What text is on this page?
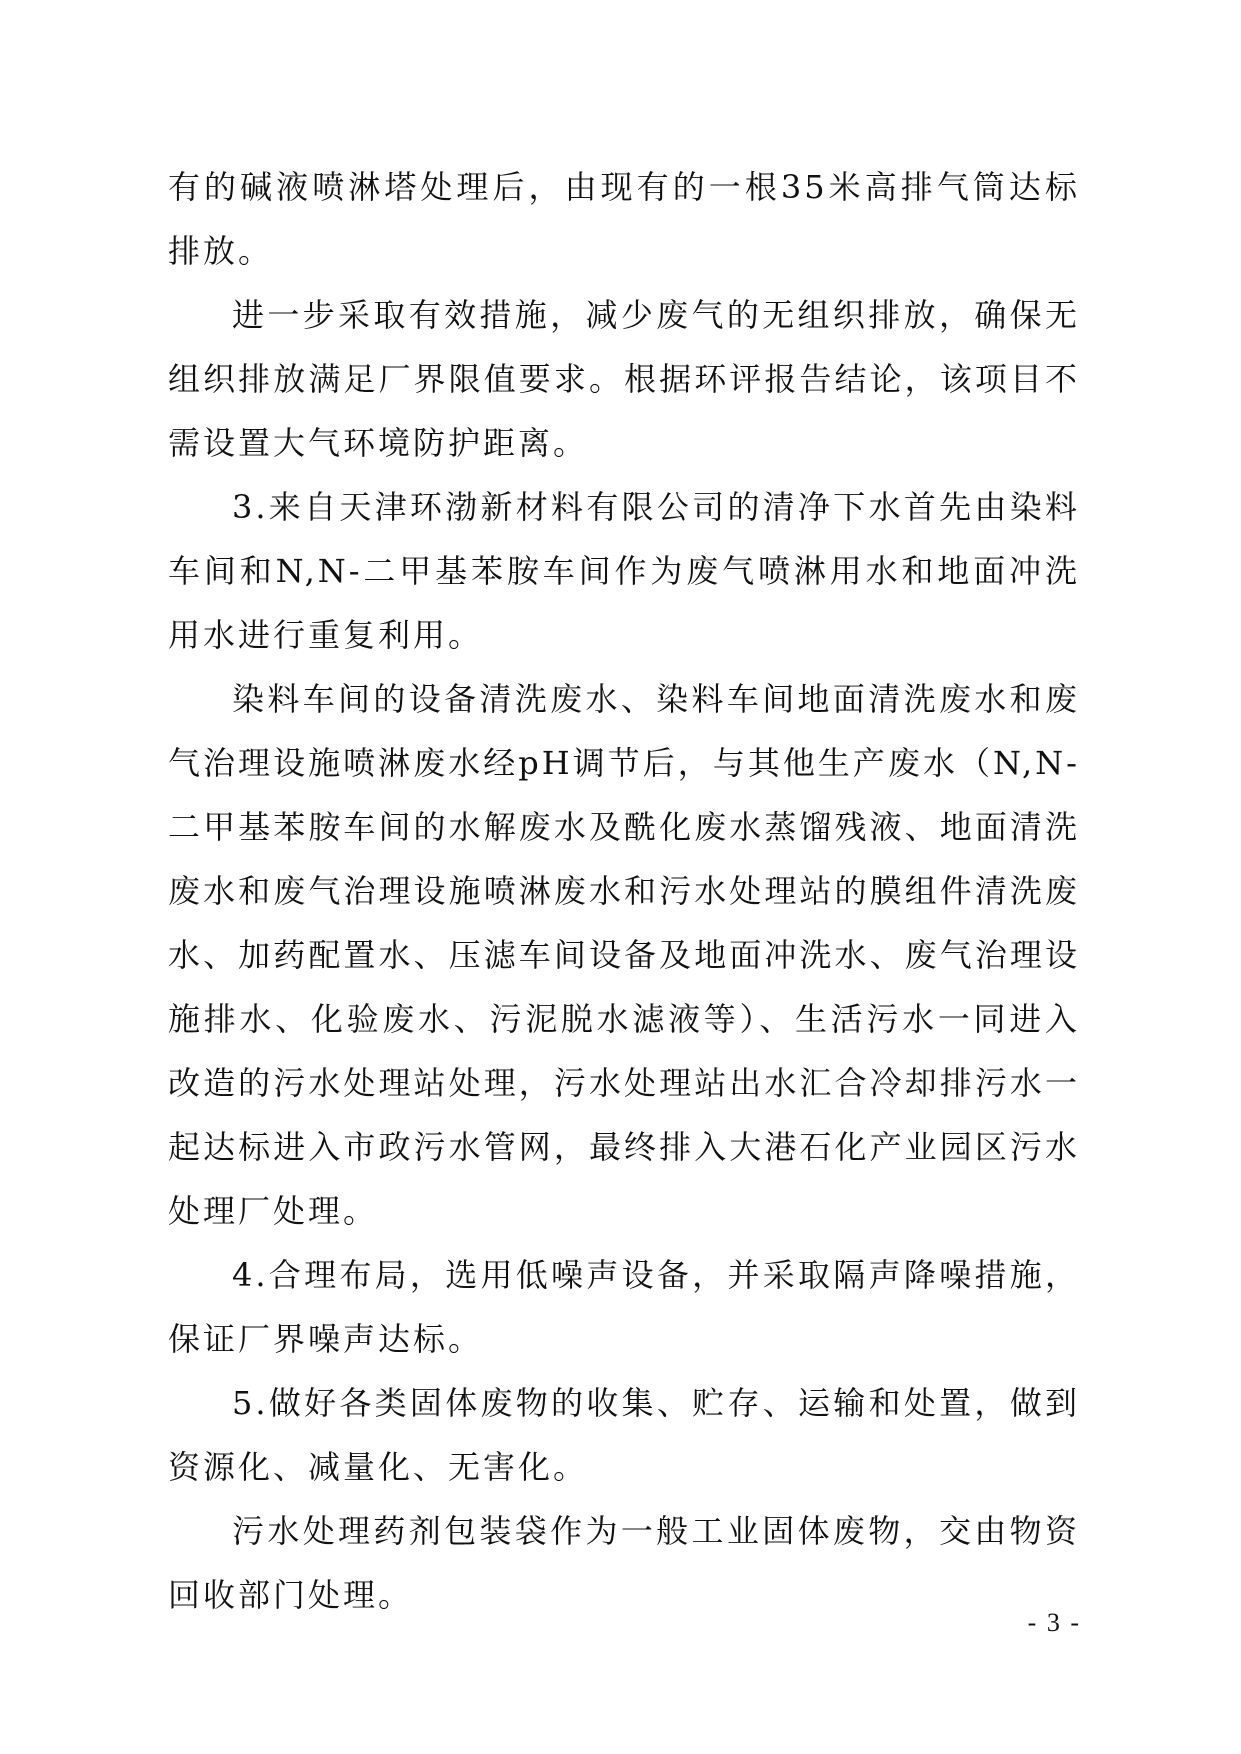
有的碱液喷淋塔处理后，由现有的一根35米高排气筒达标排放。

进一步采取有效措施，减少废气的无组织排放，确保无组织排放满足厂界限值要求。根据环评报告结论，该项目不需设置大气环境防护距离。

3.来自天津环渤新材料有限公司的清净下水首先由染料车间和N,N-二甲基苯胺车间作为废气喷淋用水和地面冲洗用水进行重复利用。

染料车间的设备清洗废水、染料车间地面清洗废水和废气治理设施喷淋废水经pH调节后，与其他生产废水（N,N-二甲基苯胺车间的水解废水及酰化废水蒸馏残液、地面清洗废水和废气治理设施喷淋废水和污水处理站的膜组件清洗废水、加药配置水、压滤车间设备及地面冲洗水、废气治理设施排水、化验废水、污泥脱水滤液等）、生活污水一同进入改造的污水处理站处理，污水处理站出水汇合冷却排污水一起达标进入市政污水管网，最终排入大港石化产业园区污水处理厂处理。

4.合理布局，选用低噪声设备，并采取隔声降噪措施，保证厂界噪声达标。

5.做好各类固体废物的收集、贮存、运输和处置，做到资源化、减量化、无害化。

污水处理药剂包装袋作为一般工业固体废物，交由物资回收部门处理。

- 3 -
